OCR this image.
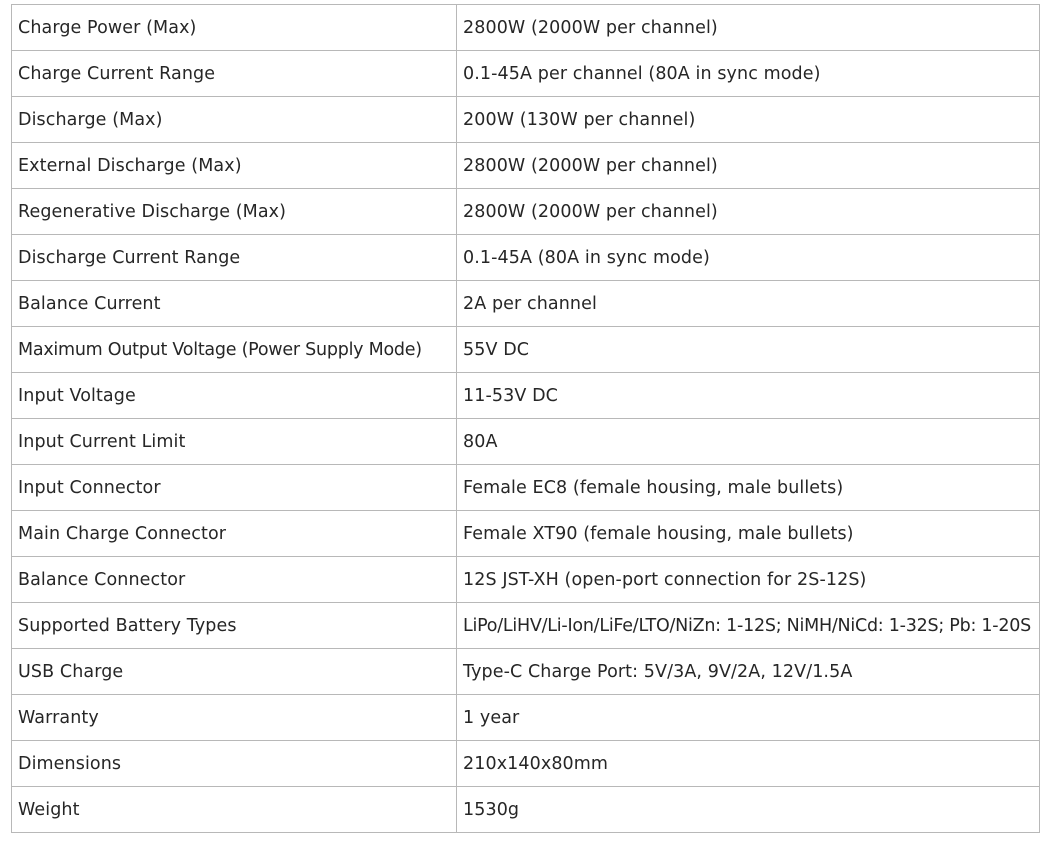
Charge Power (Max)	2800W (2000W per channel)
Charge Current Range	0.1-45A per channel (80A in sync mode)
Discharge (Max)	200W (130W per channel)
External Discharge (Max)	2800W (2000W per channel)
Regenerative Discharge (Max)	2800W (2000W per channel)
Discharge Current Range	0.1-45A (80A in sync mode)
Balance Current	2A per channel
Maximum Output Voltage (Power Supply Mode)	55V DC
Input Voltage	11-53V DC
Input Current Limit	80A
Input Connector	Female EC8 (female housing, male bullets)
Main Charge Connector	Female XT90 (female housing, male bullets)
Balance Connector	12S JST-XH (open-port connection for 2S-12S)
Supported Battery Types	LiPo/LiHV/Li-Ion/LiFe/LTO/NiZn: 1-12S; NiMH/NiCd: 1-32S; Pb: 1-20S
USB Charge	Type-C Charge Port: 5V/3A, 9V/2A, 12V/1.5A
Warranty	1 year
Dimensions	210x140x80mm
Weight	1530g
